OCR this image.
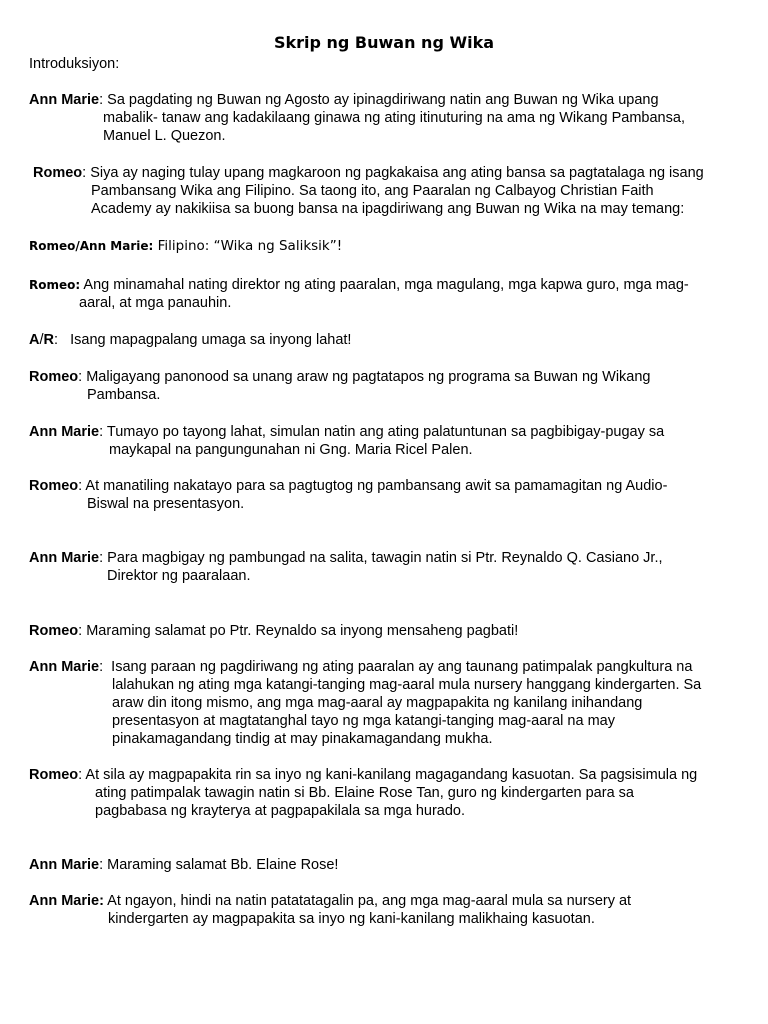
Skrip ng Buwan ng Wika
Introduksiyon:
Ann Marie: Sa pagdating ng Buwan ng Agosto ay ipinagdiriwang natin ang Buwan ng Wika upang
mabalik- tanaw ang kadakilaang ginawa ng ating itinuturing na ama ng Wikang Pambansa,
Manuel L. Quezon.
Romeo: Siya ay naging tulay upang magkaroon ng pagkakaisa ang ating bansa sa pagtatalaga ng isang
Pambansang Wika ang Filipino. Sa taong ito, ang Paaralan ng Calbayog Christian Faith
Academy ay nakikiisa sa buong bansa na ipagdiriwang ang Buwan ng Wika na may temang:
Romeo/Ann Marie: Filipino: “Wika ng Saliksik”!
Romeo: Ang minamahal nating direktor ng ating paaralan, mga magulang, mga kapwa guro, mga mag-
aaral, at mga panauhin.
A/R:   Isang mapagpalang umaga sa inyong lahat!
Romeo: Maligayang panonood sa unang araw ng pagtatapos ng programa sa Buwan ng Wikang
Pambansa.
Ann Marie: Tumayo po tayong lahat, simulan natin ang ating palatuntunan sa pagbibigay-pugay sa
maykapal na pangungunahan ni Gng. Maria Ricel Palen.
Romeo: At manatiling nakatayo para sa pagtugtog ng pambansang awit sa pamamagitan ng Audio-
Biswal na presentasyon.
Ann Marie: Para magbigay ng pambungad na salita, tawagin natin si Ptr. Reynaldo Q. Casiano Jr.,
Direktor ng paaralaan.
Romeo: Maraming salamat po Ptr. Reynaldo sa inyong mensaheng pagbati!
Ann Marie:  Isang paraan ng pagdiriwang ng ating paaralan ay ang taunang patimpalak pangkultura na
lalahukan ng ating mga katangi-tanging mag-aaral mula nursery hanggang kindergarten. Sa
araw din itong mismo, ang mga mag-aaral ay magpapakita ng kanilang inihandang
presentasyon at magtatanghal tayo ng mga katangi-tanging mag-aaral na may
pinakamagandang tindig at may pinakamagandang mukha.
Romeo: At sila ay magpapakita rin sa inyo ng kani-kanilang magagandang kasuotan. Sa pagsisimula ng
ating patimpalak tawagin natin si Bb. Elaine Rose Tan, guro ng kindergarten para sa
pagbabasa ng krayterya at pagpapakilala sa mga hurado.
Ann Marie: Maraming salamat Bb. Elaine Rose!
Ann Marie: At ngayon, hindi na natin patatatagalin pa, ang mga mag-aaral mula sa nursery at
kindergarten ay magpapakita sa inyo ng kani-kanilang malikhaing kasuotan.
